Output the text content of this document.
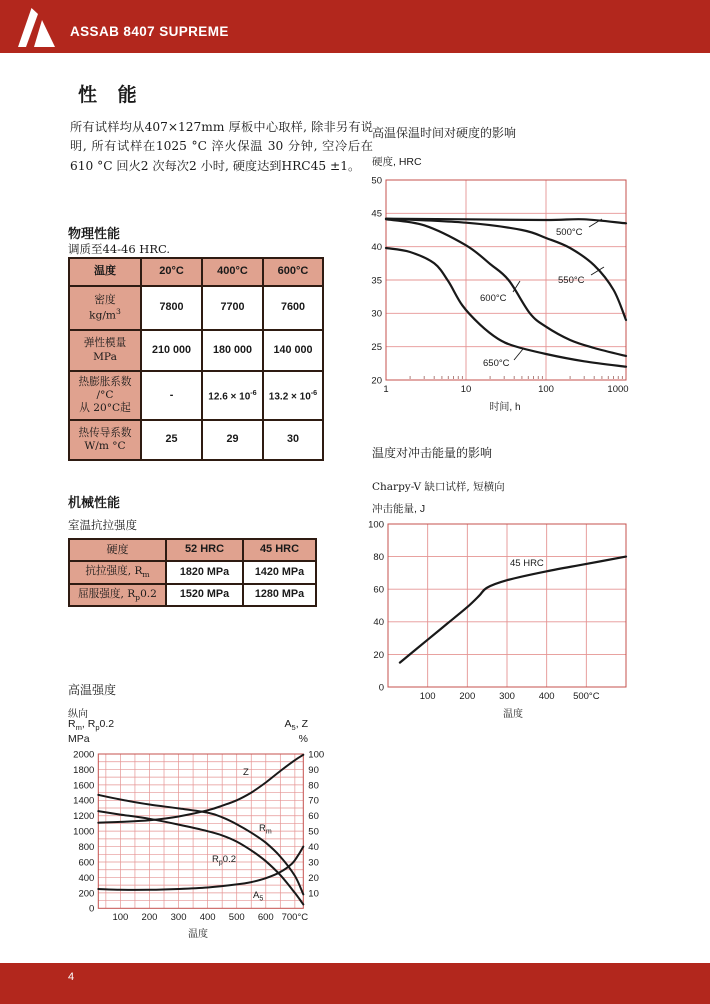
ASSAB 8407 SUPREME
性 能
所有试样均从407×127mm 厚板中心取样, 除非另有说明, 所有试样在1025 °C 淬火保温 30 分钟, 空冷后在610 °C 回火2 次每次2 小时, 硬度达到HRC45 ±1。
物理性能
调质至44-46 HRC.
温度	20°C	400°C	600°C
密度
$kg/m^3$	7800	7700	7600
弹性模量
MPa	210 000	180 000	140 000
热膨胀系数
/°C
从 20°C起	-	$12.6 \times 10^{-6}$	$13.2 \times 10^{-6}$
热传导系数
W/m °C	25	29	30
机械性能
室温抗拉强度
硬度	52 HRC	45 HRC
抗拉强度, $R_m$	1820 MPa	1420 MPa
屈服强度, $R_p0.2$	1520 MPa	1280 MPa
高温强度
纵向
$R_m$, $R_p0.2$
MPa
$A_5$, Z
%
100 200 300 400 500 600 700°C
0
200
400
600
800
1000
1200
1400
1600
1800
2000
10
20
30
40
50
60
70
80
90
100
温度
$R_m$
$R_p0.2$
Z
$A_5$
高温保温时间对硬度的影响
硬度, HRC
1	10	100	1000
20
25
30
35
40
45
50
时间, h
500°C
550°C
600°C
650°C
温度对冲击能量的影响
Charpy-V 缺口试样, 短横向
冲击能量, J
100	200	300	400 500°C
0
20
40
60
80
100
温度
45 HRC
4
